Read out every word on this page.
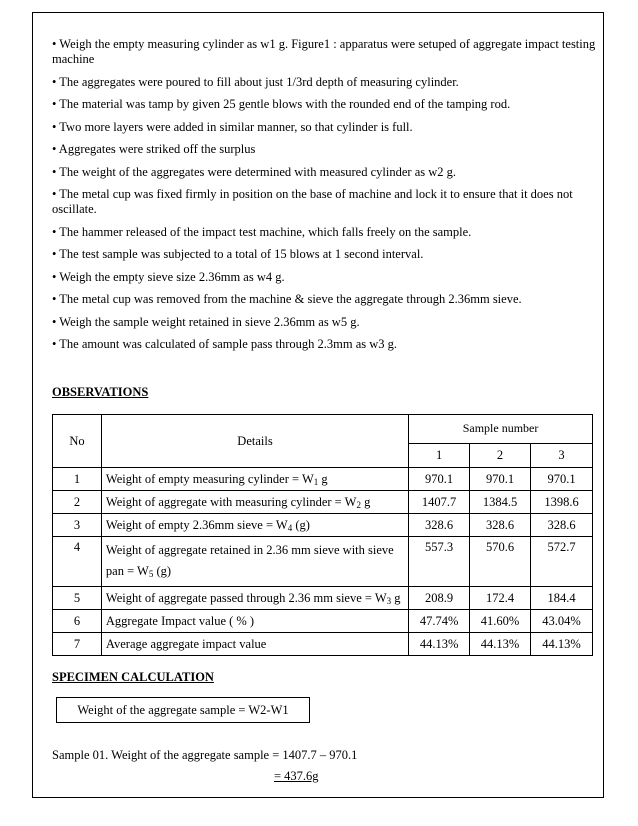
• Weigh the empty measuring cylinder as w1 g. Figure1 : apparatus were setuped of aggregate impact testing machine

• The aggregates were poured to fill about just 1/3rd depth of measuring cylinder.

• The material was tamp by given 25 gentle blows with the rounded end of the tamping rod.

• Two more layers were added in similar manner, so that cylinder is full.

• Aggregates were striked off the surplus

• The weight of the aggregates were determined with measured cylinder as w2 g.

• The metal cup was fixed firmly in position on the base of machine and lock it to ensure that it does not oscillate.

• The hammer released of the impact test machine, which falls freely on the sample.

• The test sample was subjected to a total of 15 blows at 1 second interval.

• Weigh the empty sieve size 2.36mm as w4 g.

• The metal cup was removed from the machine & sieve the aggregate through 2.36mm sieve.

• Weigh the sample weight retained in sieve 2.36mm as w5 g.

• The amount was calculated of sample pass through 2.3mm as w3 g.

OBSERVATIONS
No	Details	Sample number		
		1	2	3
1	Weight of empty measuring cylinder = $W_1$ g	970.1	970.1	970.1
2	Weight of aggregate with measuring cylinder = $W_2$ g	1407.7	1384.5	1398.6
3	Weight of empty 2.36mm sieve = $W_4$ (g)	328.6	328.6	328.6
4	Weight of aggregate retained in 2.36 mm sieve with sieve
pan = $W_5$ (g)	557.3	570.6	572.7
5	Weight of aggregate passed through 2.36 mm sieve = $W_3$ g	208.9	172.4	184.4
6	Aggregate Impact value ( % )	47.74%	41.60%	43.04%
7	Average aggregate impact value	44.13%	44.13%	44.13%
SPECIMEN CALCULATION
Weight of the aggregate sample = W2-W1
Sample 01. Weight of the aggregate sample = 1407.7 – 970.1
= 437.6g
